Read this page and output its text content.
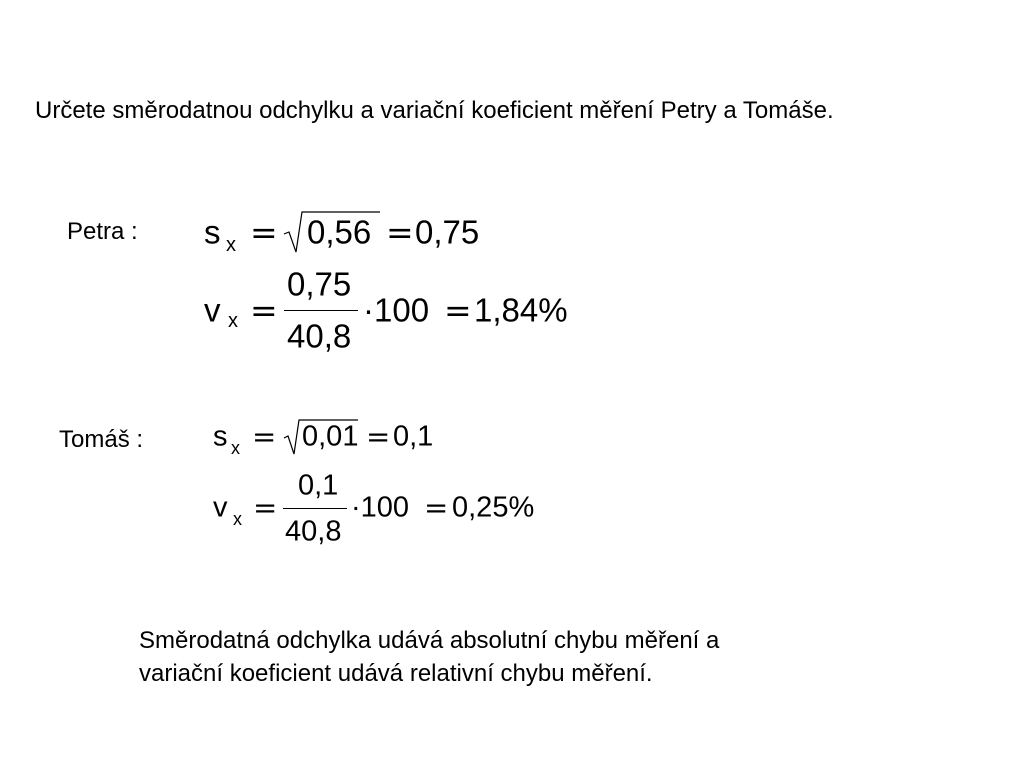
Určete směrodatnou odchylku a variační koeficient měření Petry a Tomáše.
Petra : s x = 0,56 = 0,75
v x =
0,75
40,8
·100 = 1,84%
Tomáš : s x = 0,01 = 0,1
v x =
0,1
40,8
·100 = 0,25%
Směrodatná odchylka udává absolutní chybu měření a
variační koeficient udává relativní chybu měření.
